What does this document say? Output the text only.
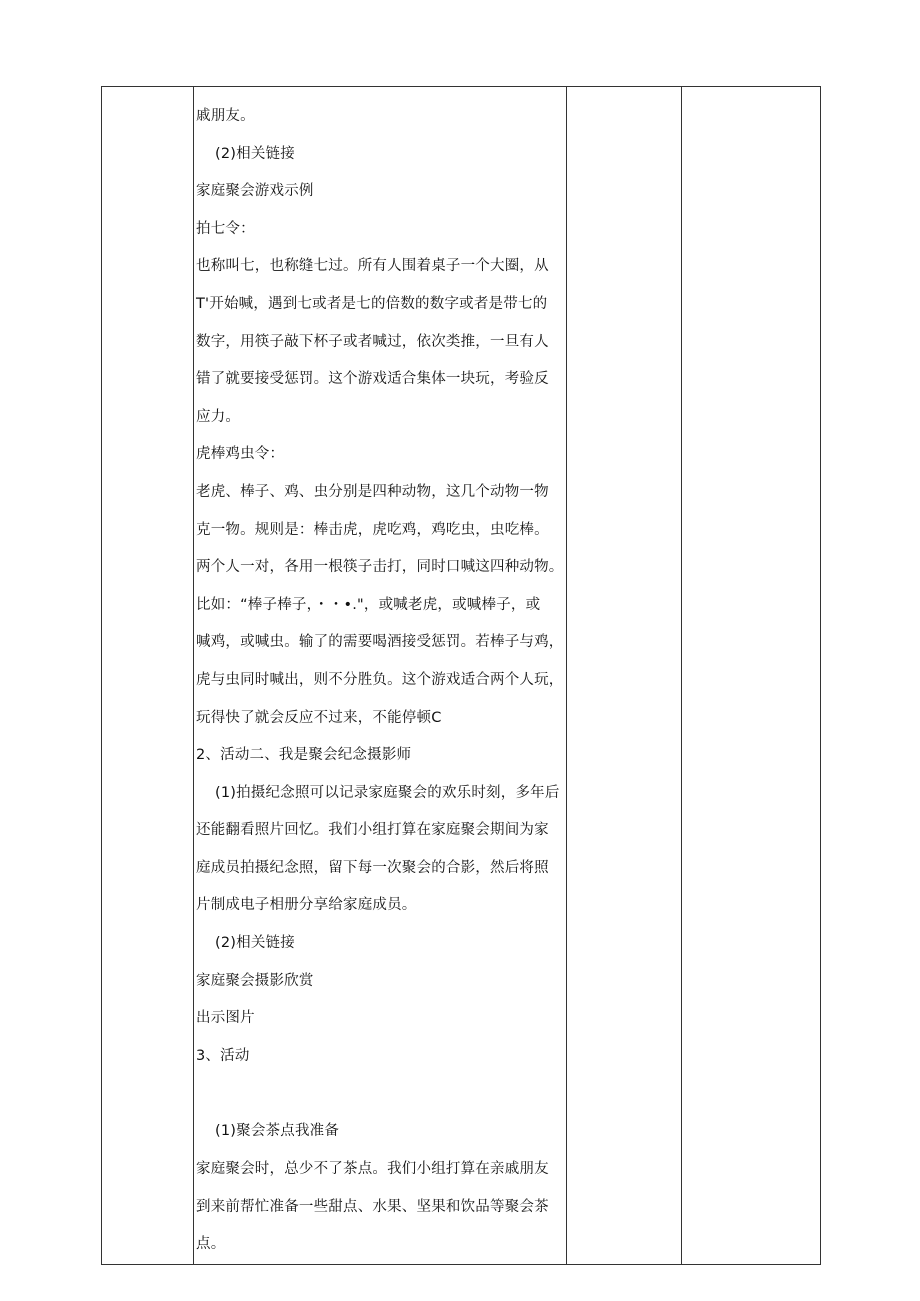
戚朋友。
(2)相关链接
家庭聚会游戏示例
拍七令：
也称叫七，也称缝七过。所有人围着桌子一个大圈，从
T'开始喊，遇到七或者是七的倍数的数字或者是带七的
数字，用筷子敲下杯子或者喊过，依次类推，一旦有人
错了就要接受惩罚。这个游戏适合集体一块玩，考验反
应力。
虎棒鸡虫令：
老虎、棒子、鸡、虫分别是四种动物，这几个动物一物
克一物。规则是：棒击虎，虎吃鸡，鸡吃虫，虫吃棒。
两个人一对，各用一根筷子击打，同时口喊这四种动物。
比如：“棒子棒子，・・•."，或喊老虎，或喊棒子，或
喊鸡，或喊虫。输了的需要喝酒接受惩罚。若棒子与鸡，
虎与虫同时喊出，则不分胜负。这个游戏适合两个人玩，
玩得快了就会反应不过来，不能停顿C
2、活动二、我是聚会纪念摄影师
(1)拍摄纪念照可以记录家庭聚会的欢乐时刻，多年后
还能翻看照片回忆。我们小组打算在家庭聚会期间为家
庭成员拍摄纪念照，留下每一次聚会的合影，然后将照
片制成电子相册分享给家庭成员。
(2)相关链接
家庭聚会摄影欣赏
出示图片
3、活动
(1)聚会茶点我准备
家庭聚会时，总少不了茶点。我们小组打算在亲戚朋友
到来前帮忙准备一些甜点、水果、坚果和饮品等聚会茶
点。
